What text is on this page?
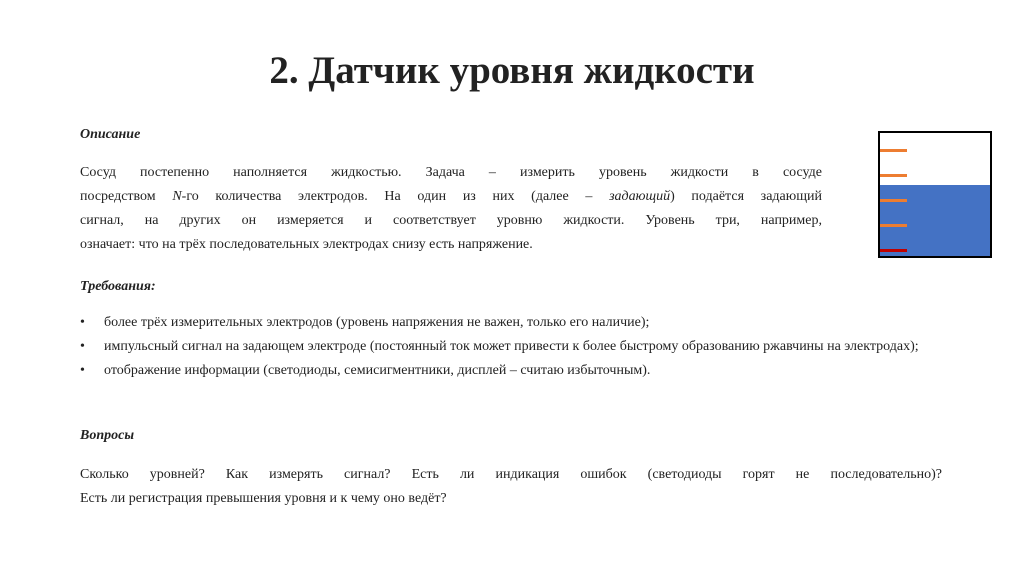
2. Датчик уровня жидкости
Описание
Сосуд постепенно наполняется жидкостью. Задача – измерить уровень жидкости в сосуде
посредством N-го количества электродов. На один из них (далее – задающий) подаётся задающий
сигнал, на других он измеряется и соответствует уровню жидкости. Уровень три, например,
означает: что на трёх последовательных электродах снизу есть напряжение.
Требования:
• более трёх измерительных электродов (уровень напряжения не важен, только его наличие);
• импульсный сигнал на задающем электроде (постоянный ток может привести к более быстрому образованию ржавчины на электродах);
• отображение информации (светодиоды, семисигментники, дисплей – считаю избыточным).
Вопросы
Сколько уровней? Как измерять сигнал? Есть ли индикация ошибок (светодиоды горят не последовательно)?
Есть ли регистрация превышения уровня и к чему оно ведёт?
